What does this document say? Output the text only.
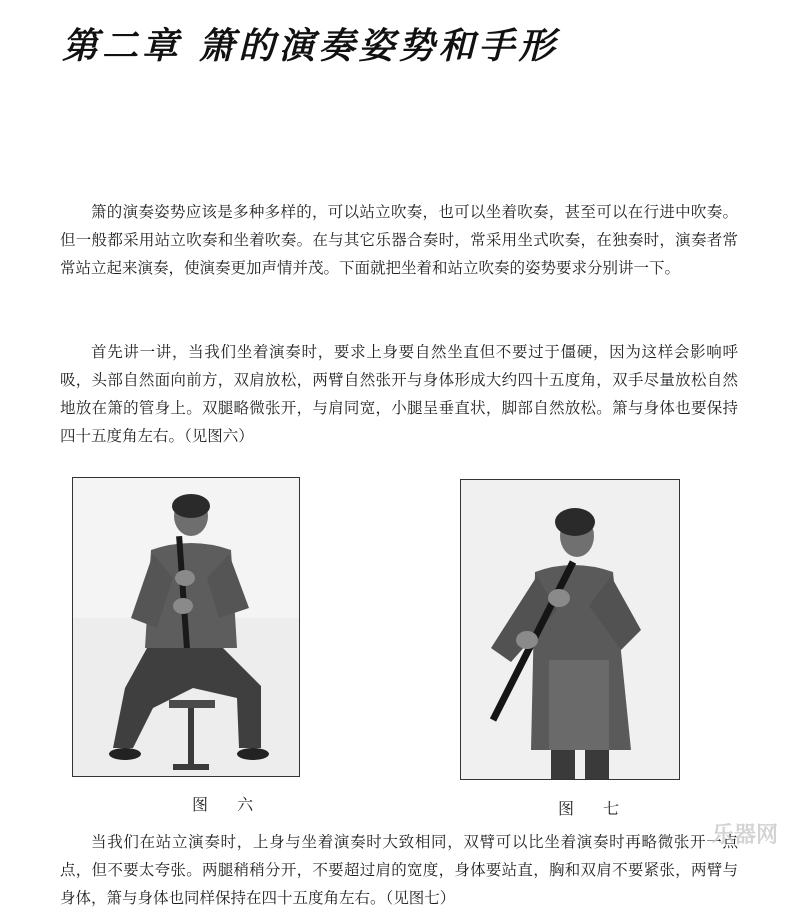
第二章 箫的演奏姿势和手形

箫的演奏姿势应该是多种多样的，可以站立吹奏，也可以坐着吹奏，甚至可以在行进中吹奏。但一般都采用站立吹奏和坐着吹奏。在与其它乐器合奏时，常采用坐式吹奏，在独奏时，演奏者常常站立起来演奏，使演奏更加声情并茂。下面就把坐着和站立吹奏的姿势要求分别讲一下。

首先讲一讲，当我们坐着演奏时，要求上身要自然坐直但不要过于僵硬，因为这样会影响呼吸，头部自然面向前方，双肩放松，两臂自然张开与身体形成大约四十五度角，双手尽量放松自然地放在箫的管身上。双腿略微张开，与肩同宽，小腿呈垂直状，脚部自然放松。箫与身体也要保持四十五度角左右。（见图六）

图 六	图 七

当我们在站立演奏时，上身与坐着演奏时大致相同，双臂可以比坐着演奏时再略微张开一点点，但不要太夸张。两腿稍稍分开，不要超过肩的宽度，身体要站直，胸和双肩不要紧张，两臂与身体，箫与身体也同样保持在四十五度角左右。（见图七）

乐器网
